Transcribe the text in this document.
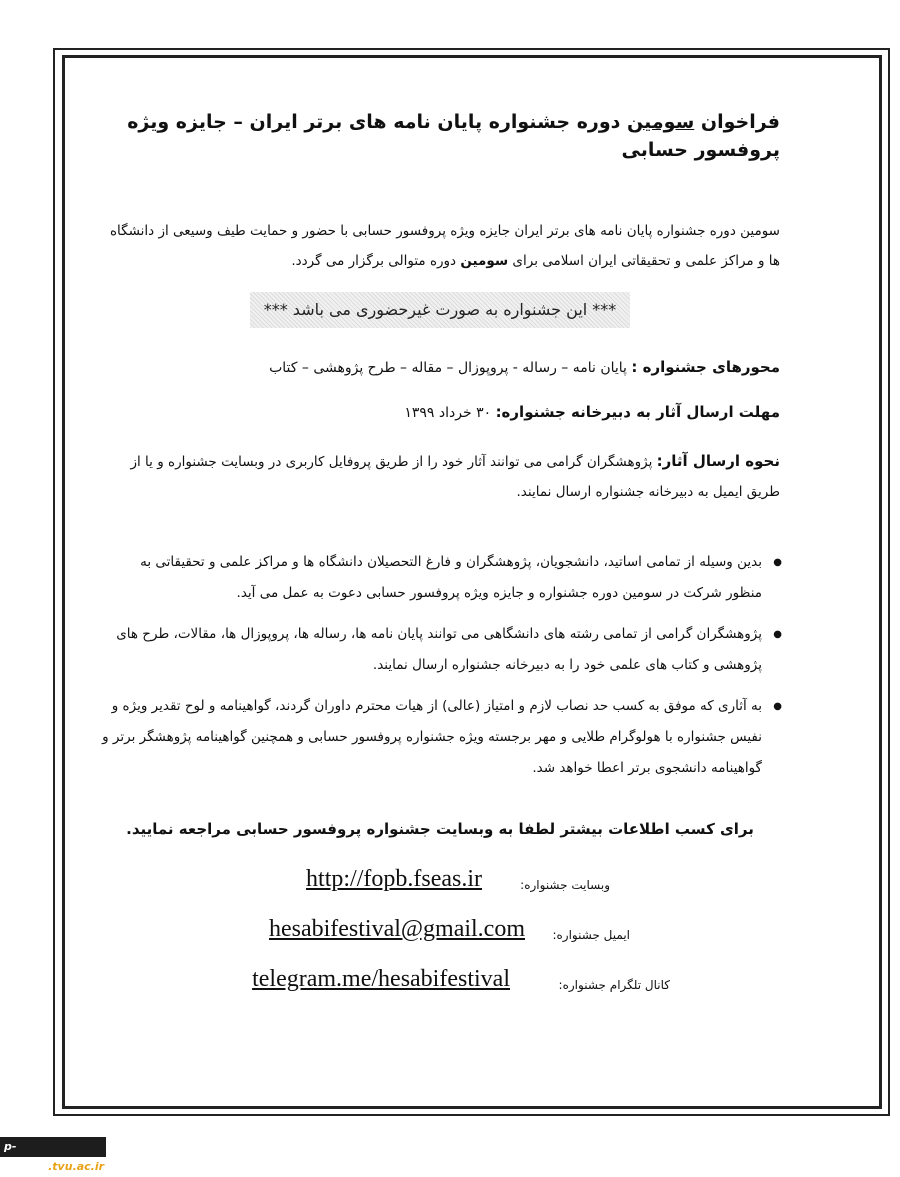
فراخوان سومین دوره جشنواره پایان نامه های برتر ایران – جایزه ویژه پروفسور حسابی

سومین دوره جشنواره پایان نامه های برتر ایران جایزه ویژه پروفسور حسابی با حضور و حمایت طیف وسیعی از دانشگاه ها و مراکز علمی و تحقیقاتی ایران اسلامی برای سومین دوره متوالی برگزار می گردد.

*** این جشنواره به صورت غیرحضوری می باشد ***

محورهای جشنواره : پایان نامه – رساله - پروپوزال – مقاله – طرح پژوهشی – کتاب

مهلت ارسال آثار به دبیرخانه جشنواره: ۳۰ خرداد ۱۳۹۹

نحوه ارسال آثار: پژوهشگران گرامی می توانند آثار خود را از طریق پروفایل کاربری در وبسایت جشنواره و یا از طریق ایمیل به دبیرخانه جشنواره ارسال نمایند.

● بدین وسیله از تمامی اساتید، دانشجویان، پژوهشگران و فارغ التحصیلان دانشگاه ها و مراکز علمی و تحقیقاتی به منظور شرکت در سومین دوره جشنواره و جایزه ویژه پروفسور حسابی دعوت به عمل می آید.
● پژوهشگران گرامی از تمامی رشته های دانشگاهی می توانند پایان نامه ها، رساله ها، پروپوزال ها، مقالات، طرح های پژوهشی و کتاب های علمی خود را به دبیرخانه جشنواره ارسال نمایند.
● به آثاری که موفق به کسب حد نصاب لازم و امتیاز (عالی) از هیات محترم داوران گردند، گواهینامه و لوح تقدیر ویژه و نفیس جشنواره با هولوگرام طلایی و مهر برجسته ویژه جشنواره پروفسور حسابی و همچنین گواهینامه پژوهشگر برتر و گواهینامه دانشجوی برتر اعطا خواهد شد.
برای کسب اطلاعات بیشتر لطفا به وبسایت جشنواره پروفسور حسابی مراجعه نمایید.
وبسایت جشنواره:
http://fopb.fseas.ir
ایمیل جشنواره:
hesabifestival@gmail.com
کانال تلگرام جشنواره:
telegram.me/hesabifestival
p-doroud.tvu.ac.ir
